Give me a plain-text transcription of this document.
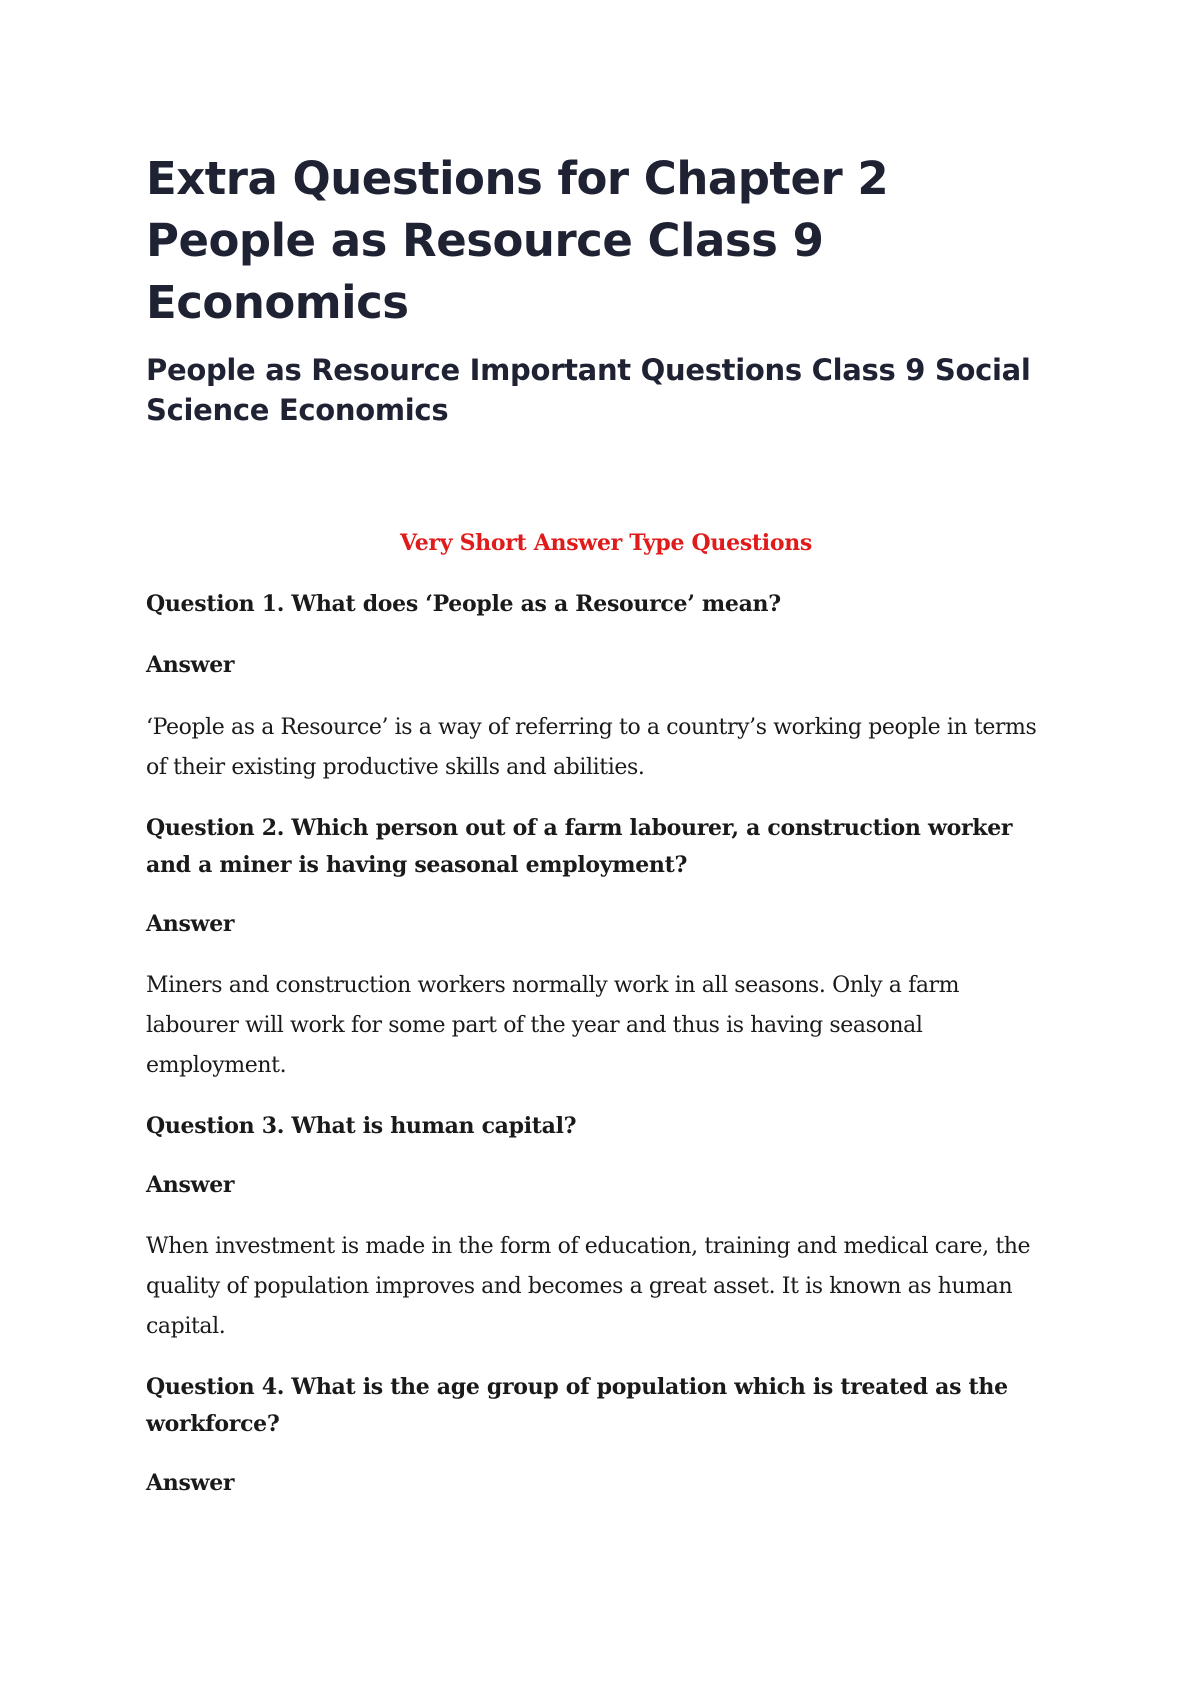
Extra Questions for Chapter 2 People as Resource Class 9 Economics
People as Resource Important Questions Class 9 Social Science Economics
Very Short Answer Type Questions

Question 1. What does ‘People as a Resource’ mean?

Answer

‘People as a Resource’ is a way of referring to a country’s working people in terms of their existing productive skills and abilities.

Question 2. Which person out of a farm labourer, a construction worker and a miner is having seasonal employment?

Answer

Miners and construction workers normally work in all seasons. Only a farm labourer will work for some part of the year and thus is having seasonal employment.

Question 3. What is human capital?

Answer

When investment is made in the form of education, training and medical care, the quality of population improves and becomes a great asset. It is known as human capital.

Question 4. What is the age group of population which is treated as the workforce?

Answer
